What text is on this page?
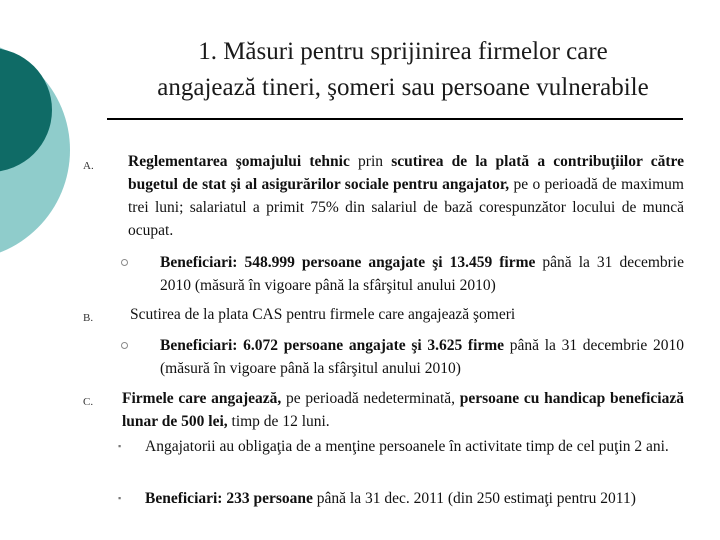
1. Măsuri pentru sprijinirea firmelor care
angajează tineri, şomeri sau persoane vulnerabile
A. Reglementarea şomajului tehnic prin scutirea de la plată a contribuţiilor către bugetul de stat şi al asigurărilor sociale pentru angajator, pe o perioadă de maximum trei luni; salariatul a primit 75% din salariul de bază corespunzător locului de muncă ocupat.
Beneficiari: 548.999 persoane angajate şi 13.459 firme până la 31 decembrie 2010 (măsură în vigoare până la sfârşitul anului 2010)
B. Scutirea de la plata CAS pentru firmele care angajează şomeri
Beneficiari: 6.072 persoane angajate şi 3.625 firme până la 31 decembrie 2010 (măsură în vigoare până la sfârşitul anului 2010)
C. Firmele care angajează, pe perioadă nedeterminată, persoane cu handicap beneficiază lunar de 500 lei, timp de 12 luni.
▪ Angajatorii au obligaţia de a menţine persoanele în activitate timp de cel puţin 2 ani.
▪ Beneficiari: 233 persoane până la 31 dec. 2011 (din 250 estimaţi pentru 2011)
